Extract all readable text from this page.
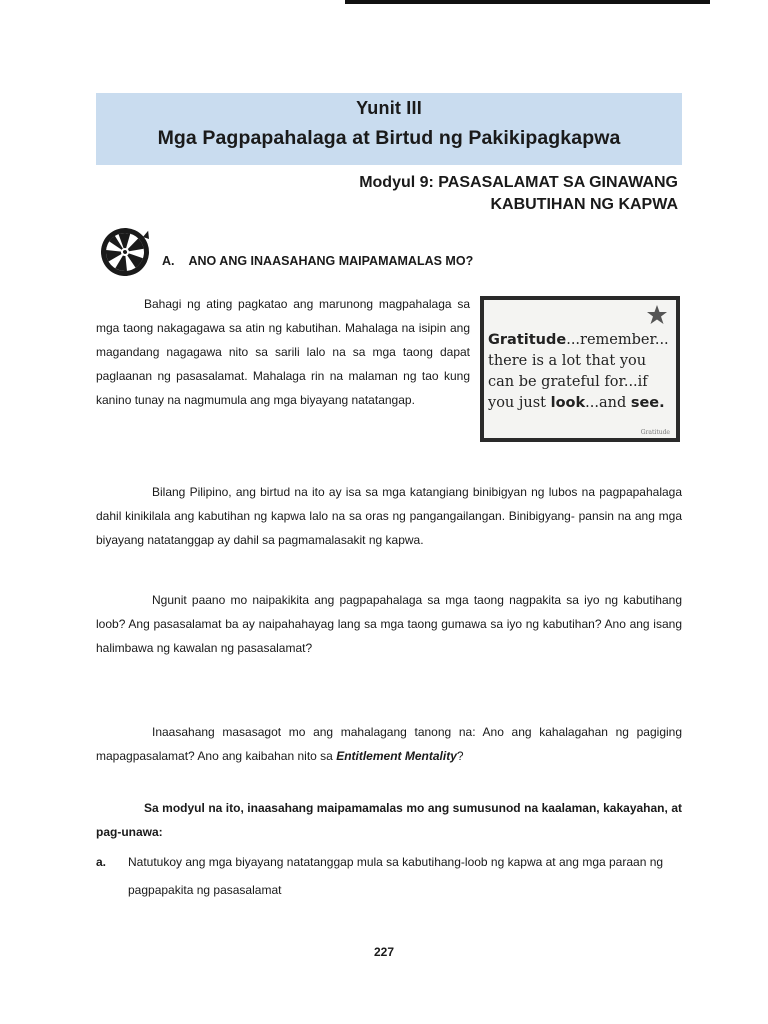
Yunit III
Mga Pagpapahalaga at Birtud ng Pakikipagkapwa
Modyul 9: PASASALAMAT SA GINAWANG
KABUTIHAN NG KAPWA
A. ANO ANG INAASAHANG MAIPAMAMALAS MO?
Bahagi ng ating pagkatao ang marunong magpahalaga sa mga taong nakagagawa sa atin ng kabutihan. Mahalaga na isipin ang magandang nagagawa nito sa sarili lalo na sa mga taong dapat paglaanan ng pasasalamat. Mahalaga rin na malaman ng tao kung kanino tunay na nagmumula ang mga biyayang natatangap.
Gratitude...remember...
there is a lot that you
can be grateful for...if
you just look...and see.
Gratitude
Bilang Pilipino, ang birtud na ito ay isa sa mga katangiang binibigyan ng lubos na pagpapahalaga dahil kinikilala ang kabutihan ng kapwa lalo na sa oras ng pangangailangan. Binibigyang- pansin na ang mga biyayang natatanggap ay dahil sa pagmamalasakit ng kapwa.
Ngunit paano mo naipakikita ang pagpapahalaga sa mga taong nagpakita sa iyo ng kabutihang loob? Ang pasasalamat ba ay naipahahayag lang sa mga taong gumawa sa iyo ng kabutihan? Ano ang isang halimbawa ng kawalan ng pasasalamat?
Inaasahang masasagot mo ang mahalagang tanong na: Ano ang kahalagahan ng pagiging mapagpasalamat? Ano ang kaibahan nito sa Entitlement Mentality?
Sa modyul na ito, inaasahang maipamamalas mo ang sumusunod na kaalaman, kakayahan, at pag-unawa:
a. Natutukoy ang mga biyayang natatanggap mula sa kabutihang-loob ng kapwa at ang mga paraan ng pagpapakita ng pasasalamat
227
